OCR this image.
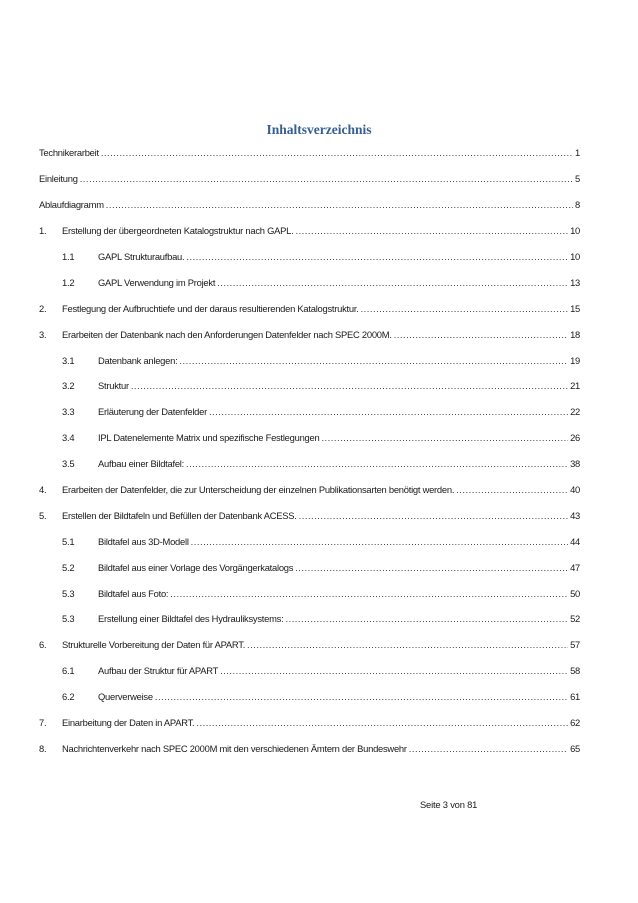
Inhaltsverzeichnis
Technikerarbeit .....	1
Einleitung .....	5
Ablaufdiagramm .....	8
1.	Erstellung der übergeordneten Katalogstruktur nach GAPL. .....	10
1.1	GAPL Strukturaufbau. .....	10
1.2	GAPL Verwendung im Projekt .....	13
2.	Festlegung der Aufbruchtiefe und der daraus resultierenden Katalogstruktur. .....	15
3.	Erarbeiten der Datenbank nach den Anforderungen Datenfelder nach SPEC 2000M. .....	18
3.1	Datenbank anlegen: .....	19
3.2	Struktur .....	21
3.3	Erläuterung der Datenfelder .....	22
3.4	IPL Datenelemente Matrix und spezifische Festlegungen .....	26
3.5	Aufbau einer Bildtafel: .....	38
4.	Erarbeiten der Datenfelder, die zur Unterscheidung der einzelnen Publikationsarten benötigt werden. .....	40
5.	Erstellen der Bildtafeln und Befüllen der Datenbank ACESS. .....	43
5.1	Bildtafel aus 3D-Modell .....	44
5.2	Bildtafel aus einer Vorlage des Vorgängerkatalogs .....	47
5.3	Bildtafel aus Foto: .....	50
5.3	Erstellung einer Bildtafel des Hydrauliksystems: .....	52
6.	Strukturelle Vorbereitung der Daten für APART. .....	57
6.1	Aufbau der Struktur für APART .....	58
6.2	Querverweise .....	61
7.	Einarbeitung der Daten in APART. .....	62
8.	Nachrichtenverkehr nach SPEC 2000M mit den verschiedenen Ämtern der Bundeswehr .....	65
Seite 3 von 81
